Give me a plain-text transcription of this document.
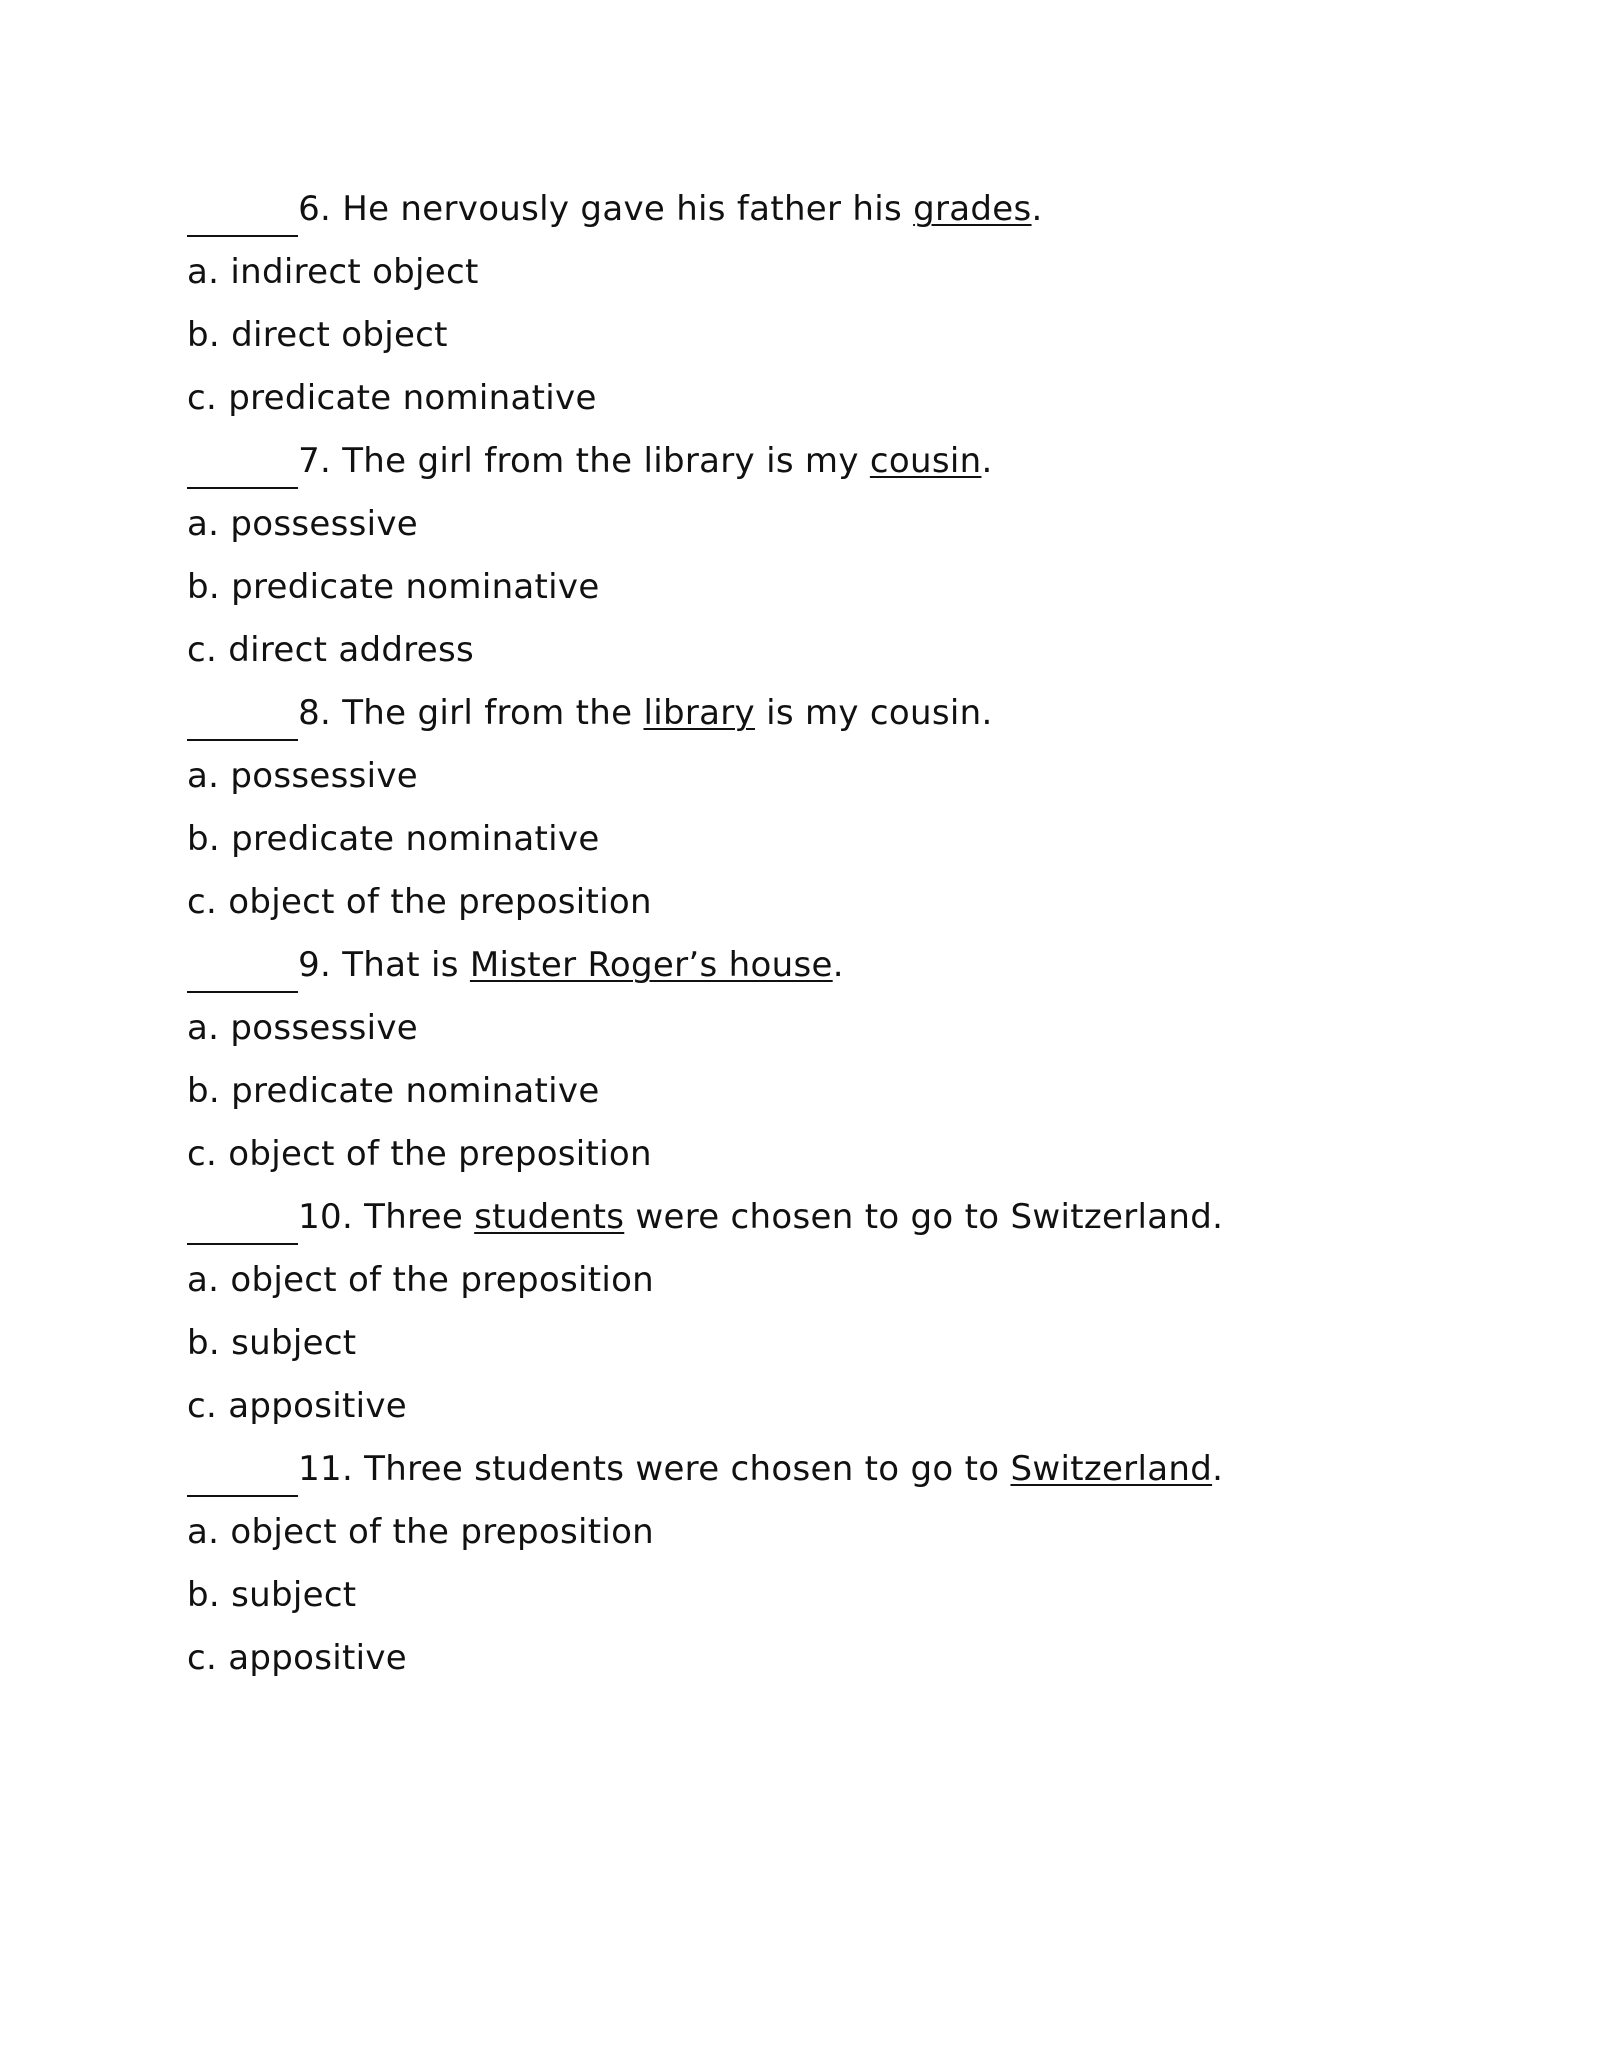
6. He nervously gave his father his grades.
a. indirect object
b. direct object
c. predicate nominative
7. The girl from the library is my cousin.
a. possessive
b. predicate nominative
c. direct address
8. The girl from the library is my cousin.
a. possessive
b. predicate nominative
c. object of the preposition
9. That is Mister Roger’s house.
a. possessive
b. predicate nominative
c. object of the preposition
10. Three students were chosen to go to Switzerland.
a. object of the preposition
b. subject
c. appositive
11. Three students were chosen to go to Switzerland.
a. object of the preposition
b. subject
c. appositive
